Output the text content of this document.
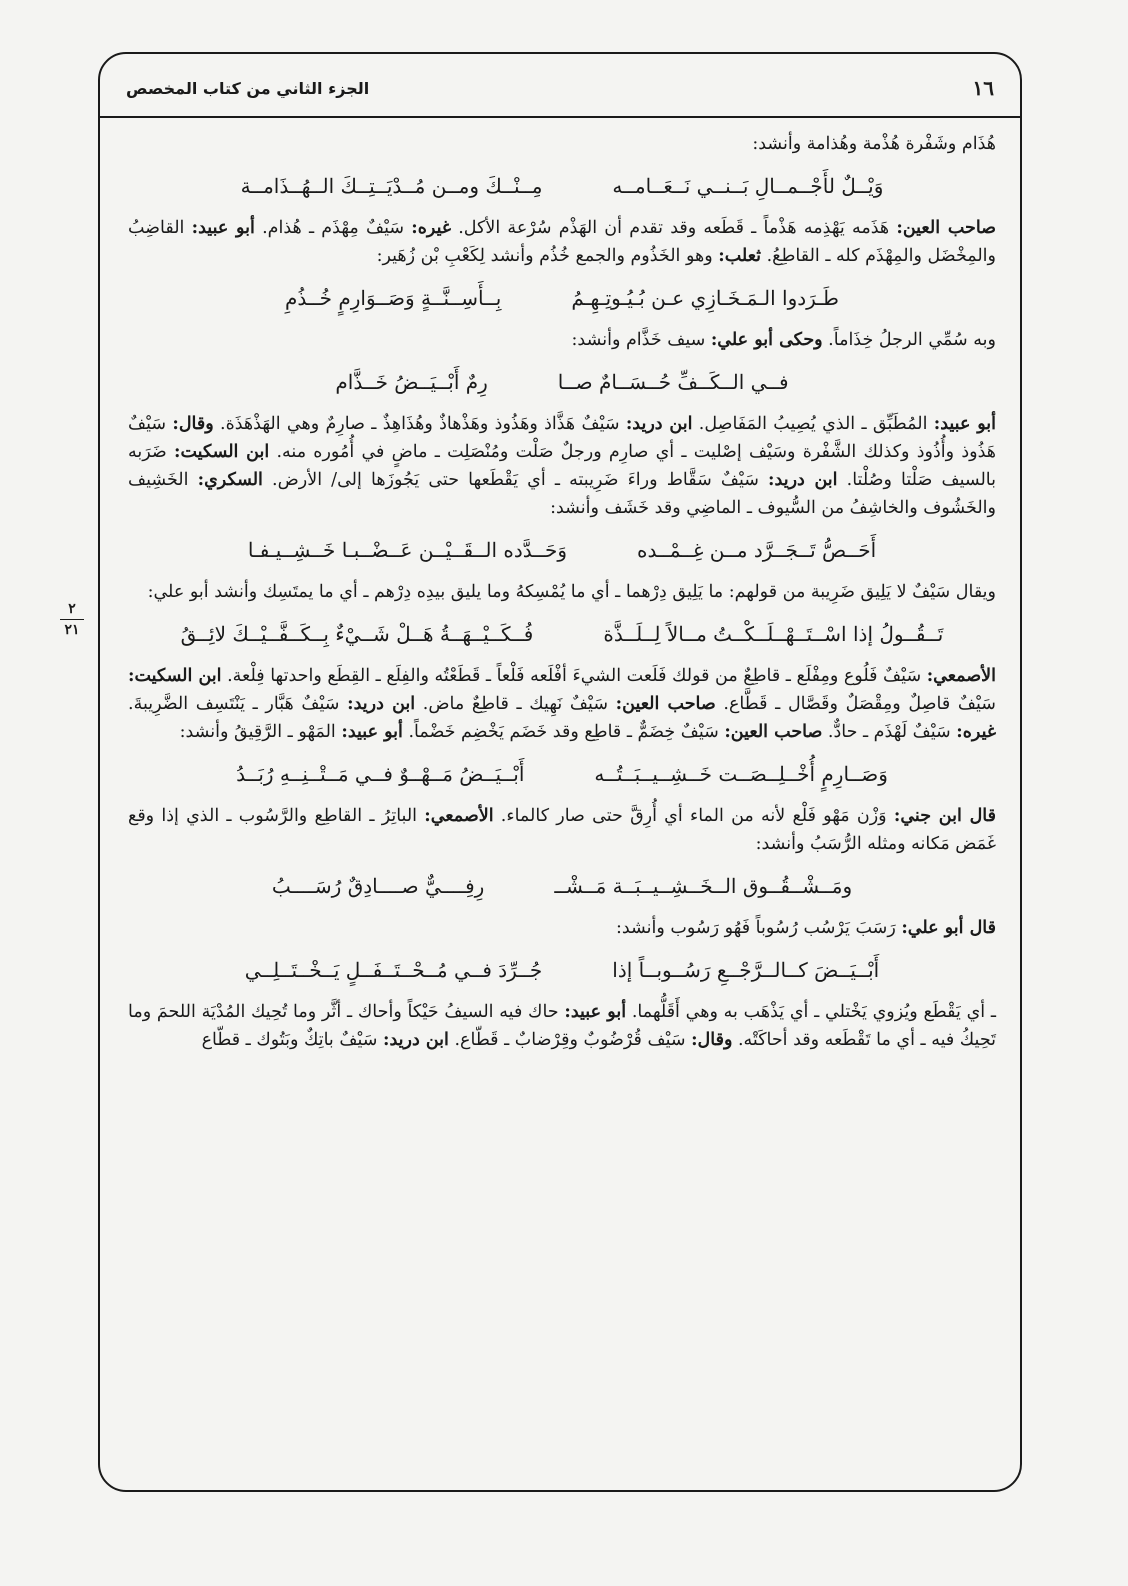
١٦
الجزء الثاني من كتاب المخصص
٢
٢١

هُذَام وشَفْرة هُذْمة وهُذامة وأنشد:

وَيْــلٌ لأَجْــمــالِ بَــنــي نَــعَــامــه
مِــنْــكَ ومــن مُــدْيَــتِــكَ الــهُــذَامــة

صاحب العين: هَذَمه يَهْذِمه هَذْماً ـ قَطَعه وقد تقدم أن الهَذْم سُرْعة الأكل. غيره: سَيْفٌ مِهْذَم ـ هُذام. أبو عبيد: القاضِبُ والمِخْضَل والمِهْذَم كله ـ القاطِعُ. ثعلب: وهو الخَذُوم والجمع خُذُم وأنشد لِكَعْبِ بْن زُهَير:

طَـرَدوا الـمَـخَـازِي عـن بُـيُـوتِـهِـمُ
بِــأَسِــنَّــةٍ وَصَــوَارِمٍ خُــذُمِ

وبه سُمِّي الرجلُ خِذَاماً. وحكى أبو علي: سيف خَذَّام وأنشد:

فــي الــكَــفِّ حُــسَــامٌ صــا
رِمٌ أَبْــيَــضُ خَــذَّام

أبو عبيد: المُطَبِّق ـ الذي يُصِيبُ المَفَاصِل. ابن دريد: سَيْفٌ هَذَّاذ وهَذُوذ وهَذْهاذٌ وهُذَاهِذٌ ـ صارِمٌ وهي الهَذْهَذَة. وقال: سَيْفٌ هَذُوذ وأُذُوذ وكذلك الشَّفْرة وسَيْف إصْليت ـ أي صارِم ورجلٌ صَلْت ومُنْصَلِت ـ ماضٍ في أُمُوره منه. ابن السكيت: ضَرَبه بالسيف صَلْتا وصُلْتا. ابن دريد: سَيْفٌ سَقَّاط وراءَ ضَرِيبته ـ أي يَقْطَعها حتى يَجُوزَها إلى/ الأرض. السكري: الخَشِيف والخَشُوف والخاشِفُ من السُّيوف ـ الماضِي وقد خَشَف وأنشد:

أَحَــصُّ تَــجَــرَّد مــن غِــمْــده
وَحَــدَّده الــقَــيْــن عَــضْــبـا خَــشِــيـفـا

ويقال سَيْفٌ لا يَلِيق ضَرِيبة من قولهم: ما يَلِيق دِرْهما ـ أي ما يُمْسِكهُ وما يليق بيدِه دِرْهم ـ أي ما يمتَسِك وأنشد أبو علي:

تَــقُــولُ إذا اسْــتَــهْــلَــكْــتُ مــالاً لِــلَــذَّة
فُــكَــيْــهَــةُ هَــلْ شَــيْءٌ بِــكَــفَّــيْــكَ لائِــقُ

الأصمعي: سَيْفٌ فَلُوع ومِفْلَع ـ قاطِعٌ من قولك فَلَعت الشيءَ أفْلَعه فَلْعاً ـ قَطَعْتُه والفِلَع ـ القِطَع واحدتها فِلْعة. ابن السكيت: سَيْفٌ قاصِلٌ ومِقْصَلٌ وقَصَّال ـ قَطَّاع. صاحب العين: سَيْفٌ نَهِيك ـ قاطِعٌ ماض. ابن دريد: سَيْفٌ هَبَّار ـ يَنْتَسِف الضَّرِيبةَ. غيره: سَيْفٌ لَهْذَم ـ حادٌّ. صاحب العين: سَيْفٌ خِضَمٌّ ـ قاطِع وقد خَضَم يَخْضِم خَضْماً. أبو عبيد: المَهْو ـ الرَّقِيقُ وأنشد:

وَصَــارِمٍ أُخْــلِــصَــت خَــشِــيــبَــتُــه
أَبْــيَــضُ مَــهْــوٌ فــي مَــتْــنِــهِ رُبَــدُ

قال ابن جني: وَزْن مَهْو فَلْع لأنه من الماء أي أُرِقَّ حتى صار كالماء. الأصمعي: الباتِرُ ـ القاطِع والرَّسُوب ـ الذي إذا وقع غَمَض مَكانه ومثله الرُّسَبُ وأنشد:

ومَــشْــقُــوق الــخَــشِــيــبَــة مَــشْــ
رِفِــــيٌّ صــــادِقٌ رُسَــــبُ

قال أبو علي: رَسَبَ يَرْسُب رُسُوباً فَهُو رَسُوب وأنشد:

أَبْــيَــضَ كــالــرَّجْــعِ رَسُــوبــاً إذا
جُــرِّدَ فــي مُــحْــتَــفَــلٍ يَــخْــتَــلِــي

ـ أي يَقْطَع ويُزوي يَخْتلي ـ أي يَذْهَب به وهي أَقَلُّهما. أبو عبيد: حاك فيه السيفُ حَيْكاً وأحاك ـ أثَّر وما تُحِيك المُدْيَة اللحمَ وما تَحِيكُ فيه ـ أي ما تَقْطَعه وقد أحاكَتْه. وقال: سَيْف قُرْضُوبٌ وقِرْضابٌ ـ قَطّاع. ابن دريد: سَيْفٌ باتِكٌ وبَتُوك ـ قطّاع
